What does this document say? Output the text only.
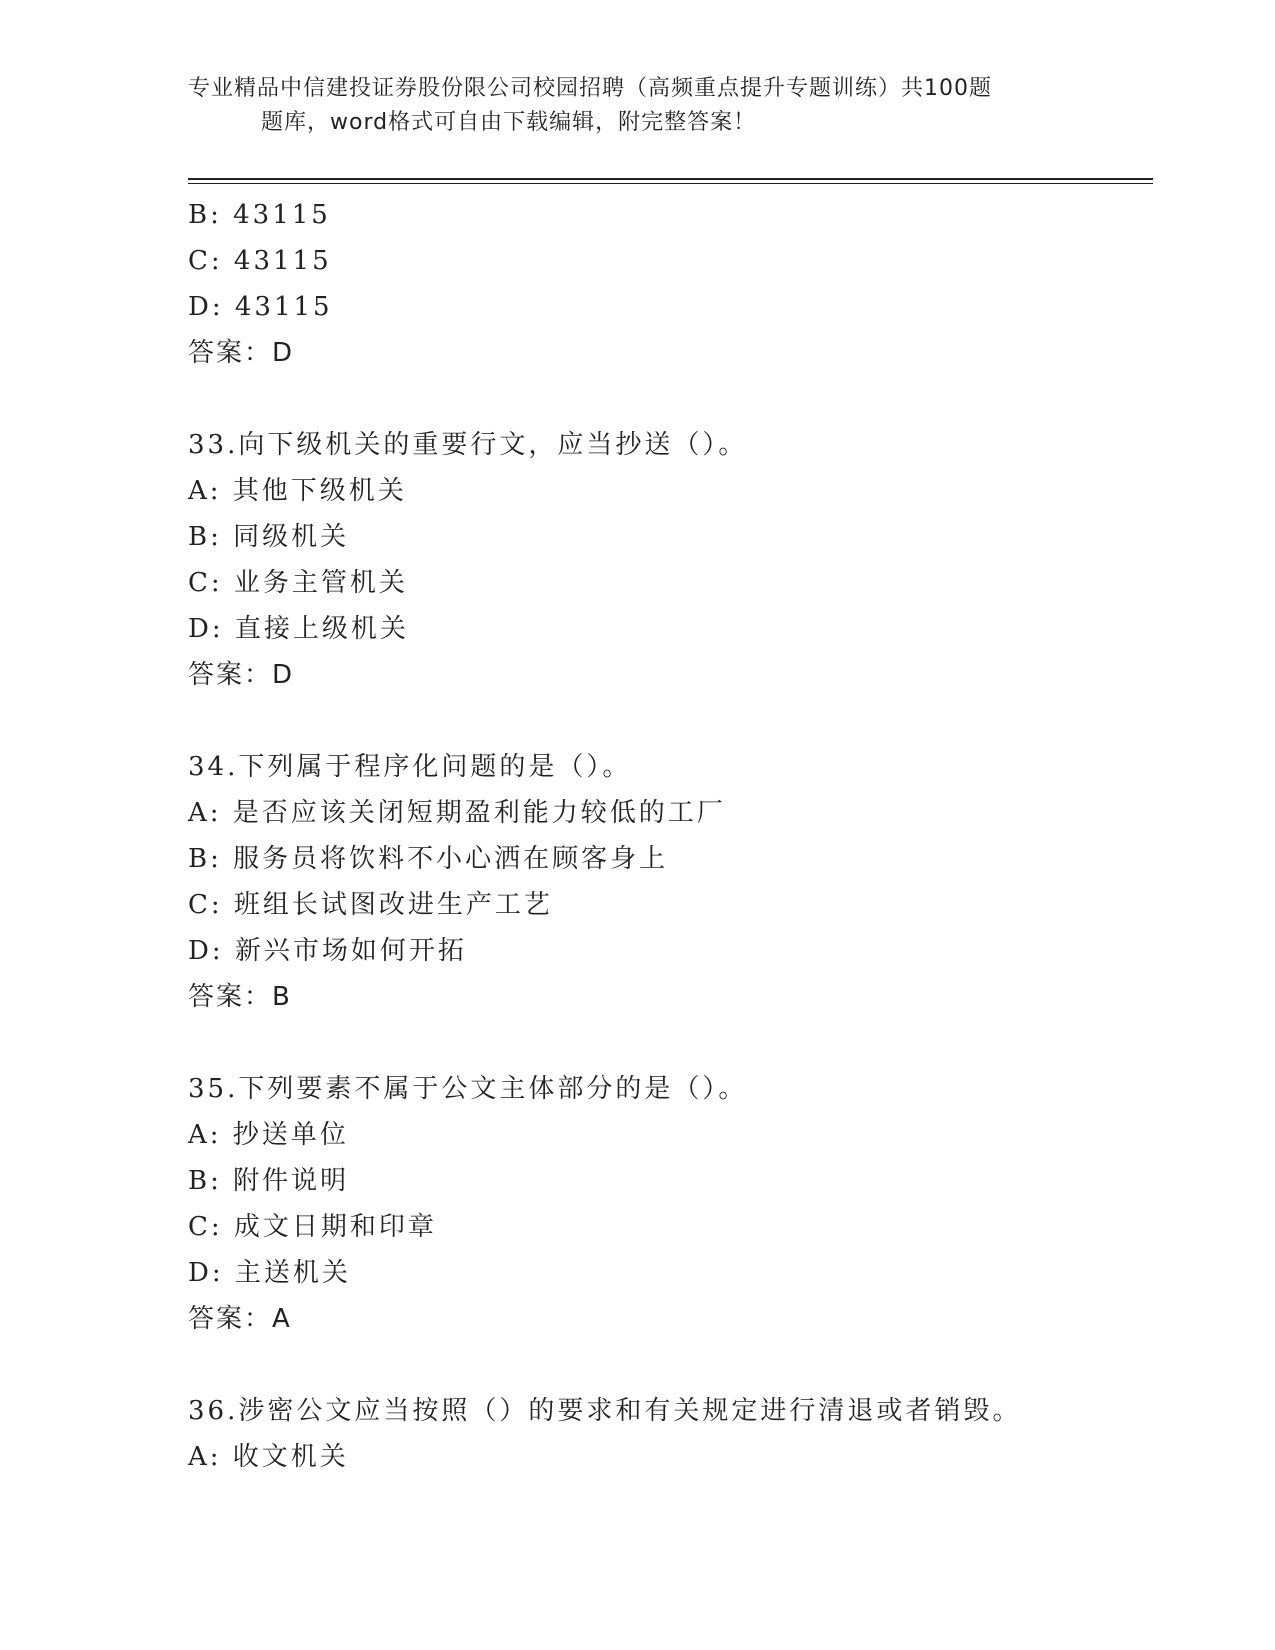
专业精品中信建投证券股份限公司校园招聘（高频重点提升专题训练）共100题
题库，word格式可自由下载编辑，附完整答案！
B: 43115
C: 43115
D: 43115
答案：D
33.向下级机关的重要行文，应当抄送（）。
A: 其他下级机关
B: 同级机关
C: 业务主管机关
D: 直接上级机关
答案：D
34.下列属于程序化问题的是（）。
A: 是否应该关闭短期盈利能力较低的工厂
B: 服务员将饮料不小心洒在顾客身上
C: 班组长试图改进生产工艺
D: 新兴市场如何开拓
答案：B
35.下列要素不属于公文主体部分的是（）。
A: 抄送单位
B: 附件说明
C: 成文日期和印章
D: 主送机关
答案：A
36.涉密公文应当按照（）的要求和有关规定进行清退或者销毁。
A: 收文机关
